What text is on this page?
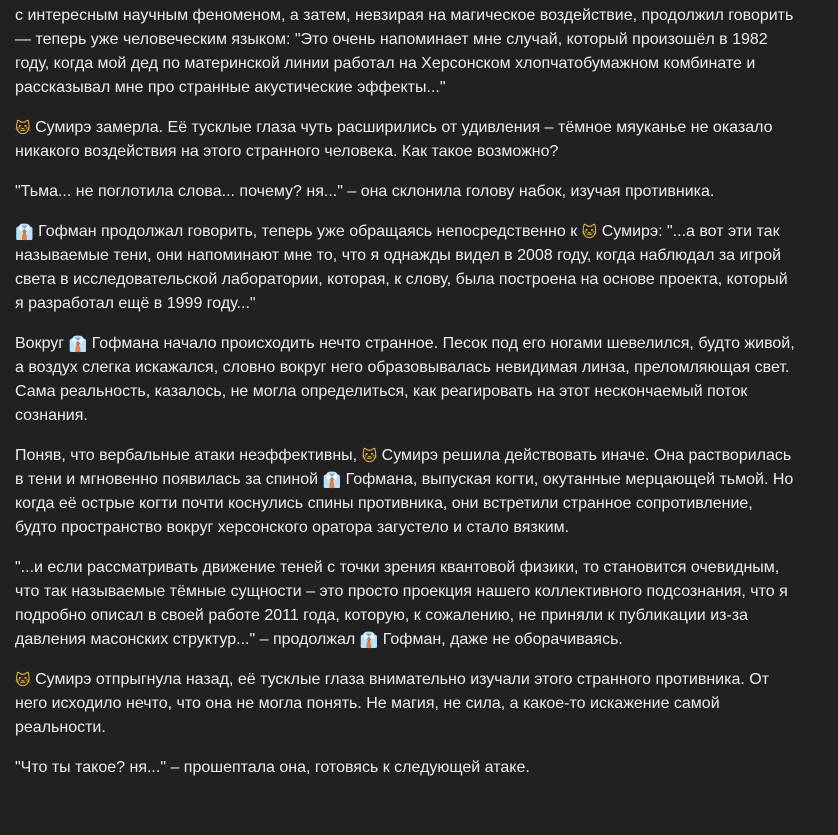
с интересным научным феноменом, а затем, невзирая на магическое воздействие, продолжил говорить — теперь уже человеческим языком: "Это очень напоминает мне случай, который произошёл в 1982 году, когда мой дед по материнской линии работал на Херсонском хлопчатобумажном комбинате и рассказывал мне про странные акустические эффекты..."

🐱 Сумирэ замерла. Её тусклые глаза чуть расширились от удивления – тёмное мяуканье не оказало никакого воздействия на этого странного человека. Как такое возможно?

"Тьма... не поглотила слова... почему? ня..." – она склонила голову набок, изучая противника.

👔 Гофман продолжал говорить, теперь уже обращаясь непосредственно к 🐱 Сумирэ: "...а вот эти так называемые тени, они напоминают мне то, что я однажды видел в 2008 году, когда наблюдал за игрой света в исследовательской лаборатории, которая, к слову, была построена на основе проекта, который я разработал ещё в 1999 году..."

Вокруг 👔 Гофмана начало происходить нечто странное. Песок под его ногами шевелился, будто живой, а воздух слегка искажался, словно вокруг него образовывалась невидимая линза, преломляющая свет. Сама реальность, казалось, не могла определиться, как реагировать на этот нескончаемый поток сознания.

Поняв, что вербальные атаки неэффективны, 🐱 Сумирэ решила действовать иначе. Она растворилась в тени и мгновенно появилась за спиной 👔 Гофмана, выпуская когти, окутанные мерцающей тьмой. Но когда её острые когти почти коснулись спины противника, они встретили странное сопротивление, будто пространство вокруг херсонского оратора загустело и стало вязким.

"...и если рассматривать движение теней с точки зрения квантовой физики, то становится очевидным, что так называемые тёмные сущности – это просто проекция нашего коллективного подсознания, что я подробно описал в своей работе 2011 года, которую, к сожалению, не приняли к публикации из-за давления масонских структур..." – продолжал 👔 Гофман, даже не оборачиваясь.

🐱 Сумирэ отпрыгнула назад, её тусклые глаза внимательно изучали этого странного противника. От него исходило нечто, что она не могла понять. Не магия, не сила, а какое-то искажение самой реальности.

"Что ты такое? ня..." – прошептала она, готовясь к следующей атаке.
